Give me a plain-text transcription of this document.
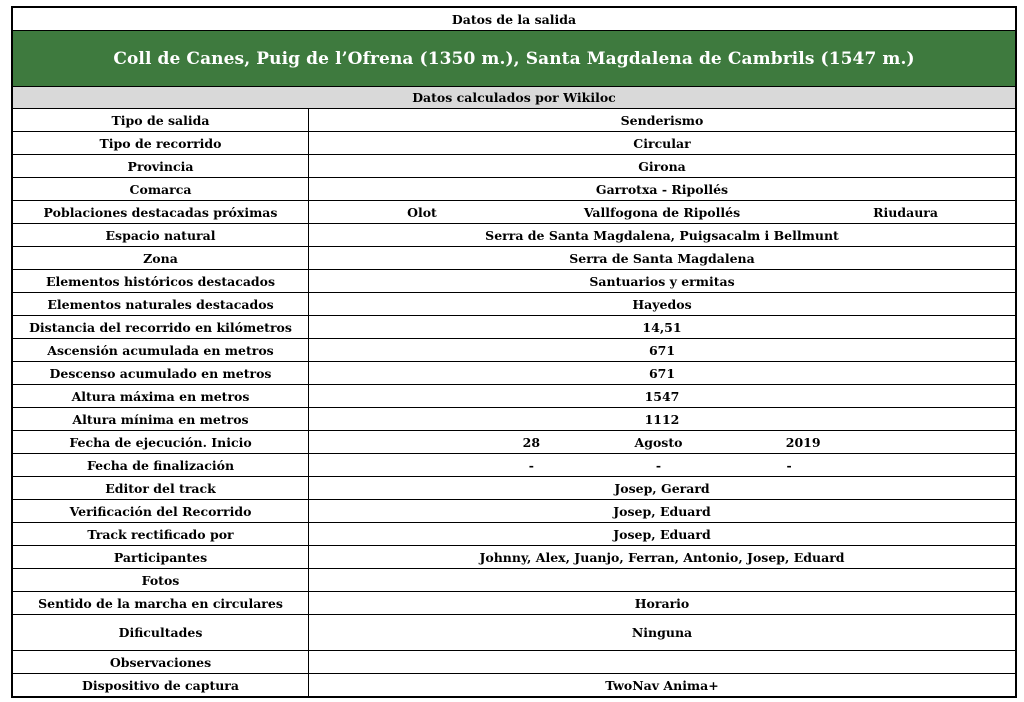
Datos de la salida
Coll de Canes, Puig de l’Ofrena (1350 m.), Santa Magdalena de Cambrils (1547 m.)
Datos calculados por Wikiloc
Tipo de salida	Senderismo
Tipo de recorrido	Circular
Provincia	Girona
Comarca	Garrotxa - Ripollés
Poblaciones destacadas próximas	Olot	Vallfogona de Ripollés	Riudaura
Espacio natural	Serra de Santa Magdalena, Puigsacalm i Bellmunt
Zona	Serra de Santa Magdalena
Elementos históricos destacados	Santuarios y ermitas
Elementos naturales destacados	Hayedos
Distancia del recorrido en kilómetros	14,51
Ascensión acumulada en metros	671
Descenso acumulado en metros	671
Altura máxima en metros	1547
Altura mínima en metros	1112
Fecha de ejecución. Inicio	28	Agosto	2019
Fecha de finalización	-	-	-
Editor del track	Josep, Gerard
Verificación del Recorrido	Josep, Eduard
Track rectificado por	Josep, Eduard
Participantes	Johnny, Alex, Juanjo, Ferran, Antonio, Josep, Eduard
Fotos
Sentido de la marcha en circulares	Horario
Dificultades	Ninguna
Observaciones
Dispositivo de captura	TwoNav Anima+
